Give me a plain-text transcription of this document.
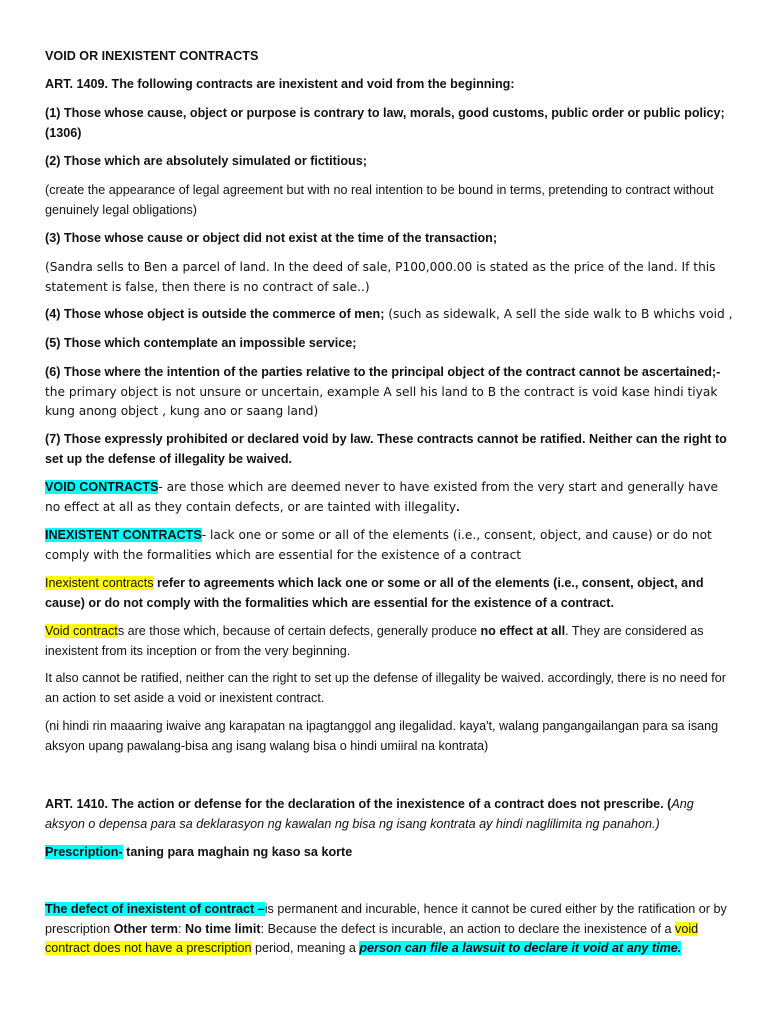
VOID OR INEXISTENT CONTRACTS
ART. 1409. The following contracts are inexistent and void from the beginning:
(1) Those whose cause, object or purpose is contrary to law, morals, good customs, public order or public policy; (1306)
(2) Those which are absolutely simulated or fictitious;
(create the appearance of legal agreement but with no real intention to be bound in terms, pretending to contract without genuinely legal obligations)
(3) Those whose cause or object did not exist at the time of the transaction;
(Sandra sells to Ben a parcel of land. In the deed of sale, P100,000.00 is stated as the price of the land. If this statement is false, then there is no contract of sale..)
(4) Those whose object is outside the commerce of men; (such as sidewalk, A sell the side walk to B whichs void ,
(5) Those which contemplate an impossible service;
(6) Those where the intention of the parties relative to the principal object of the contract cannot be ascertained;- the primary object is not unsure or uncertain, example A sell his land to B the contract is void kase hindi tiyak kung anong object , kung ano or saang land)
(7) Those expressly prohibited or declared void by law. These contracts cannot be ratified. Neither can the right to set up the defense of illegality be waived.
VOID CONTRACTS- are those which are deemed never to have existed from the very start and generally have no effect at all as they contain defects, or are tainted with illegality.
INEXISTENT CONTRACTS- lack one or some or all of the elements (i.e., consent, object, and cause) or do not comply with the formalities which are essential for the existence of a contract
Inexistent contracts refer to agreements which lack one or some or all of the elements (i.e., consent, object, and cause) or do not comply with the formalities which are essential for the existence of a contract.
Void contracts are those which, because of certain defects, generally produce no effect at all. They are considered as inexistent from its inception or from the very beginning.
It also cannot be ratified, neither can the right to set up the defense of illegality be waived. accordingly, there is no need for an action to set aside a void or inexistent contract.
(ni hindi rin maaaring iwaive ang karapatan na ipagtanggol ang ilegalidad. kaya't, walang pangangailangan para sa isang aksyon upang pawalang-bisa ang isang walang bisa o hindi umiiral na kontrata)
ART. 1410. The action or defense for the declaration of the inexistence of a contract does not prescribe. (Ang aksyon o depensa para sa deklarasyon ng kawalan ng bisa ng isang kontrata ay hindi naglilimita ng panahon.)
Prescription- taning para maghain ng kaso sa korte
The defect of inexistent of contract –is permanent and incurable, hence it cannot be cured either by the ratification or by prescription Other term: No time limit: Because the defect is incurable, an action to declare the inexistence of a void contract does not have a prescription period, meaning a person can file a lawsuit to declare it void at any time.
